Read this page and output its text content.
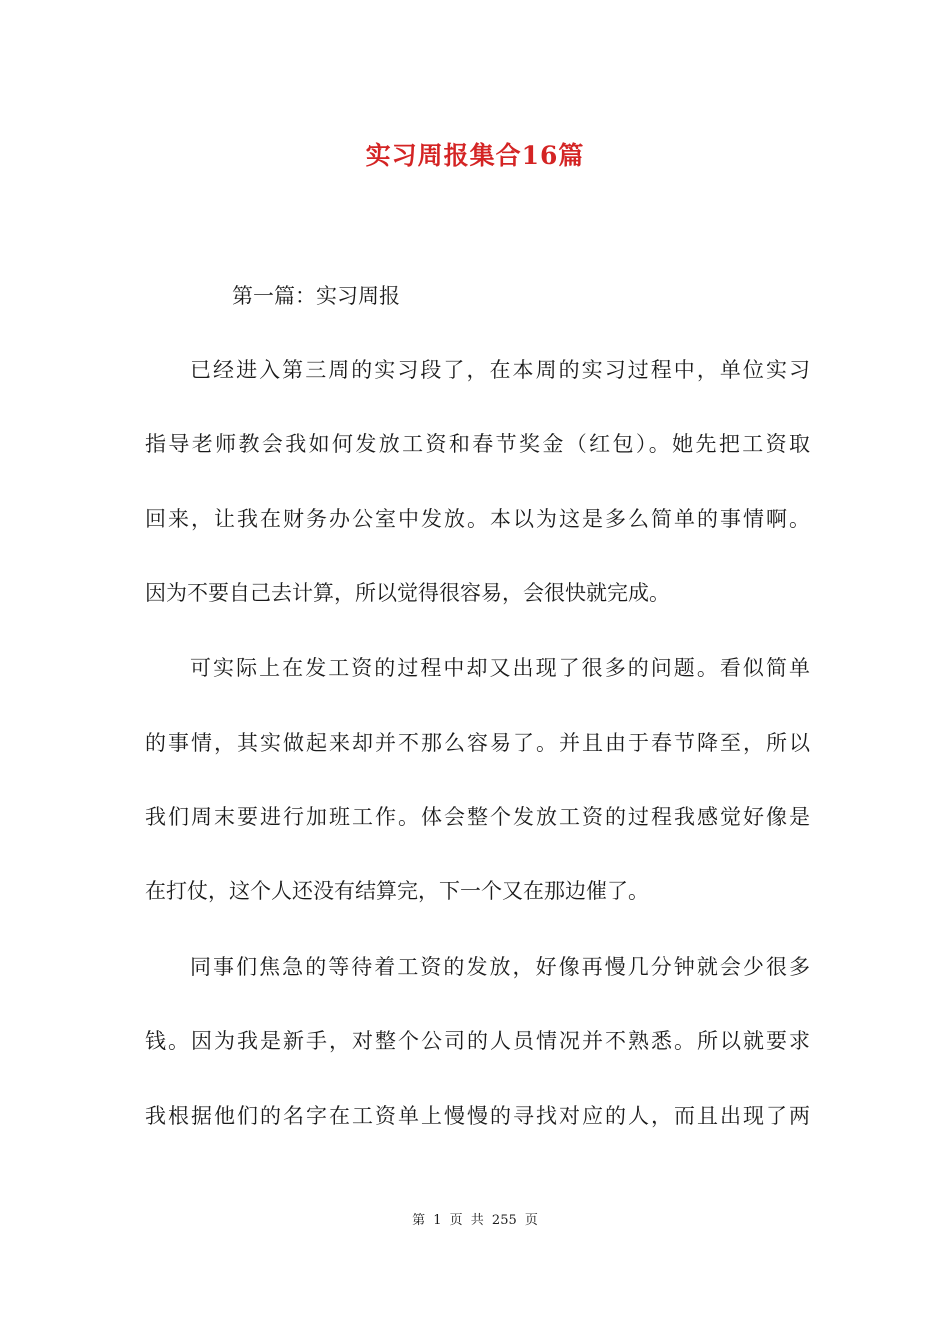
实习周报集合16篇
第一篇：实习周报
已经进入第三周的实习段了，在本周的实习过程中，单位实习
指导老师教会我如何发放工资和春节奖金（红包）。她先把工资取
回来，让我在财务办公室中发放。本以为这是多么简单的事情啊。
因为不要自己去计算，所以觉得很容易，会很快就完成。
可实际上在发工资的过程中却又出现了很多的问题。看似简单
的事情，其实做起来却并不那么容易了。并且由于春节降至，所以
我们周末要进行加班工作。体会整个发放工资的过程我感觉好像是
在打仗，这个人还没有结算完，下一个又在那边催了。
同事们焦急的等待着工资的发放，好像再慢几分钟就会少很多
钱。因为我是新手，对整个公司的人员情况并不熟悉。所以就要求
我根据他们的名字在工资单上慢慢的寻找对应的人，而且出现了两
第 1 页 共 255 页
